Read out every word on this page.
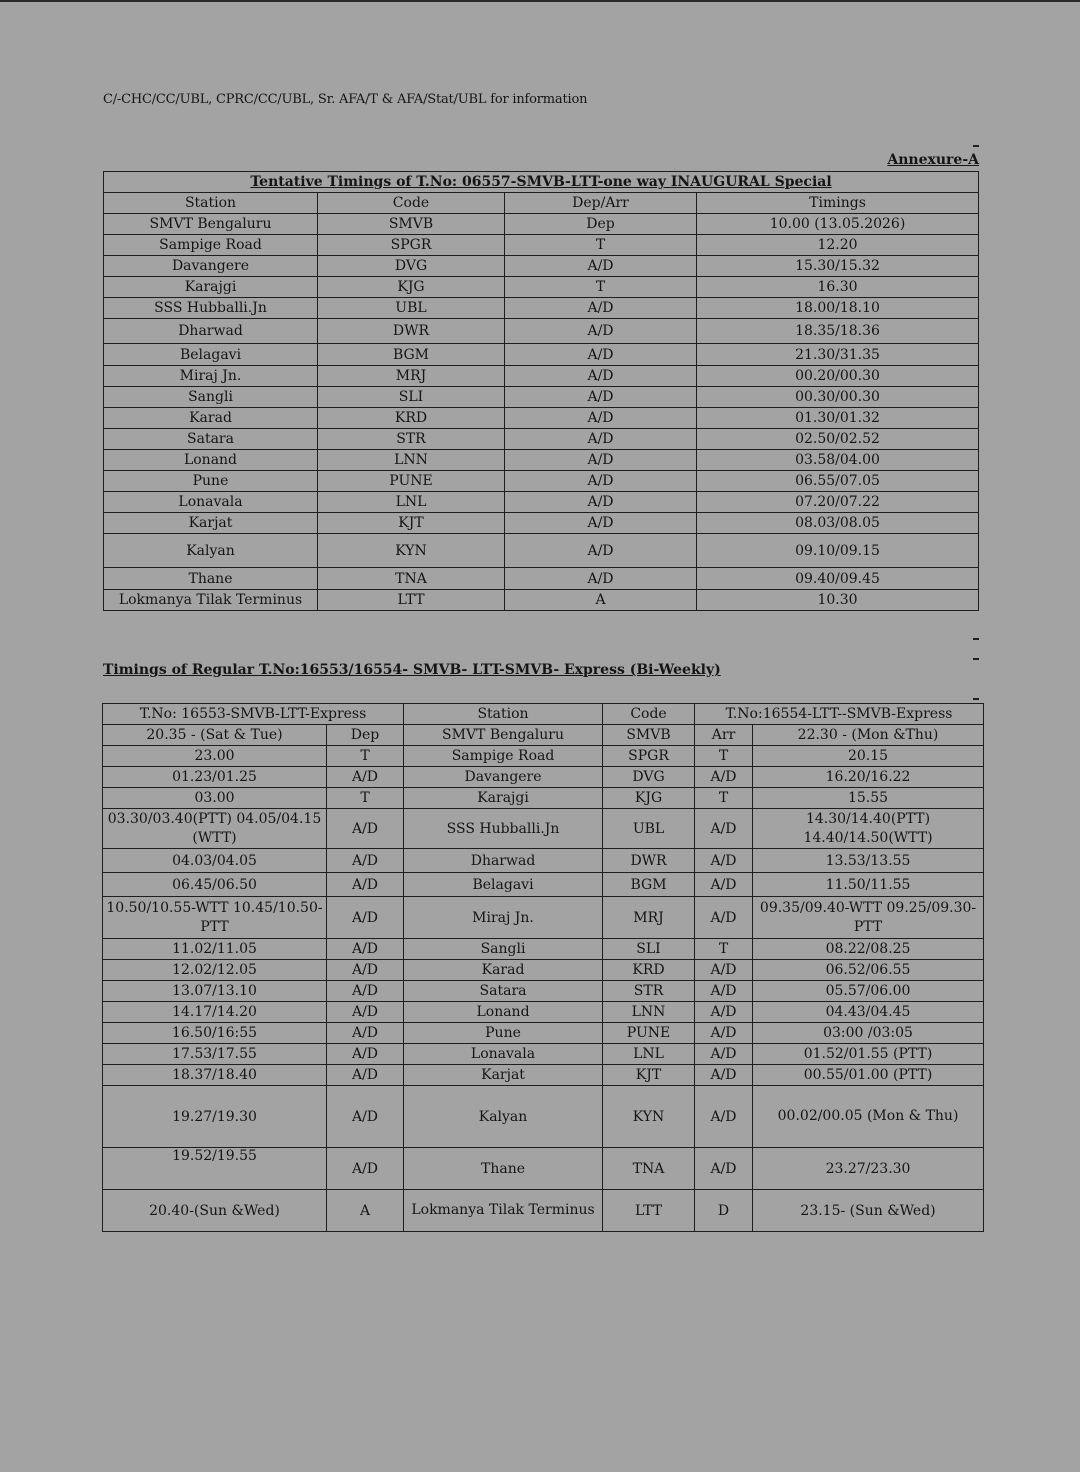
C/-CHC/CC/UBL, CPRC/CC/UBL, Sr. AFA/T & AFA/Stat/UBL for information
Annexure-A
Tentative Timings of T.No: 06557-SMVB-LTT-one way INAUGURAL Special			
Station	Code	Dep/Arr	Timings
SMVT Bengaluru	SMVB	Dep	10.00 (13.05.2026)
Sampige Road	SPGR	T	12.20
Davangere	DVG	A/D	15.30/15.32
Karajgi	KJG	T	16.30
SSS Hubballi.Jn	UBL	A/D	18.00/18.10
Dharwad	DWR	A/D	18.35/18.36
Belagavi	BGM	A/D	21.30/31.35
Miraj Jn.	MRJ	A/D	00.20/00.30
Sangli	SLI	A/D	00.30/00.30
Karad	KRD	A/D	01.30/01.32
Satara	STR	A/D	02.50/02.52
Lonand	LNN	A/D	03.58/04.00
Pune	PUNE	A/D	06.55/07.05
Lonavala	LNL	A/D	07.20/07.22
Karjat	KJT	A/D	08.03/08.05
Kalyan	KYN	A/D	09.10/09.15
Thane	TNA	A/D	09.40/09.45
Lokmanya Tilak Terminus	LTT	A	10.30
Timings of Regular T.No:16553/16554- SMVB- LTT-SMVB- Express (Bi-Weekly)
T.No: 16553-SMVB-LTT-Express		Station	Code	T.No:16554-LTT--SMVB-Express	
20.35 - (Sat & Tue)	Dep	SMVT Bengaluru	SMVB	Arr	22.30 - (Mon &Thu)
23.00	T	Sampige Road	SPGR	T	20.15
01.23/01.25	A/D	Davangere	DVG	A/D	16.20/16.22
03.00	T	Karajgi	KJG	T	15.55
03.30/03.40(PTT) 04.05/04.15 (WTT)	A/D	SSS Hubballi.Jn	UBL	A/D	14.30/14.40(PTT) 14.40/14.50(WTT)
04.03/04.05	A/D	Dharwad	DWR	A/D	13.53/13.55
06.45/06.50	A/D	Belagavi	BGM	A/D	11.50/11.55
10.50/10.55-WTT 10.45/10.50-PTT	A/D	Miraj Jn.	MRJ	A/D	09.35/09.40-WTT 09.25/09.30-PTT
11.02/11.05	A/D	Sangli	SLI	T	08.22/08.25
12.02/12.05	A/D	Karad	KRD	A/D	06.52/06.55
13.07/13.10	A/D	Satara	STR	A/D	05.57/06.00
14.17/14.20	A/D	Lonand	LNN	A/D	04.43/04.45
16.50/16:55	A/D	Pune	PUNE	A/D	03:00 /03:05
17.53/17.55	A/D	Lonavala	LNL	A/D	01.52/01.55 (PTT)
18.37/18.40	A/D	Karjat	KJT	A/D	00.55/01.00 (PTT)
19.27/19.30	A/D	Kalyan	KYN	A/D	00.02/00.05 (Mon & Thu)
19.52/19.55	A/D	Thane	TNA	A/D	23.27/23.30
20.40-(Sun &Wed)	A	Lokmanya Tilak Terminus	LTT	D	23.15- (Sun &Wed)
